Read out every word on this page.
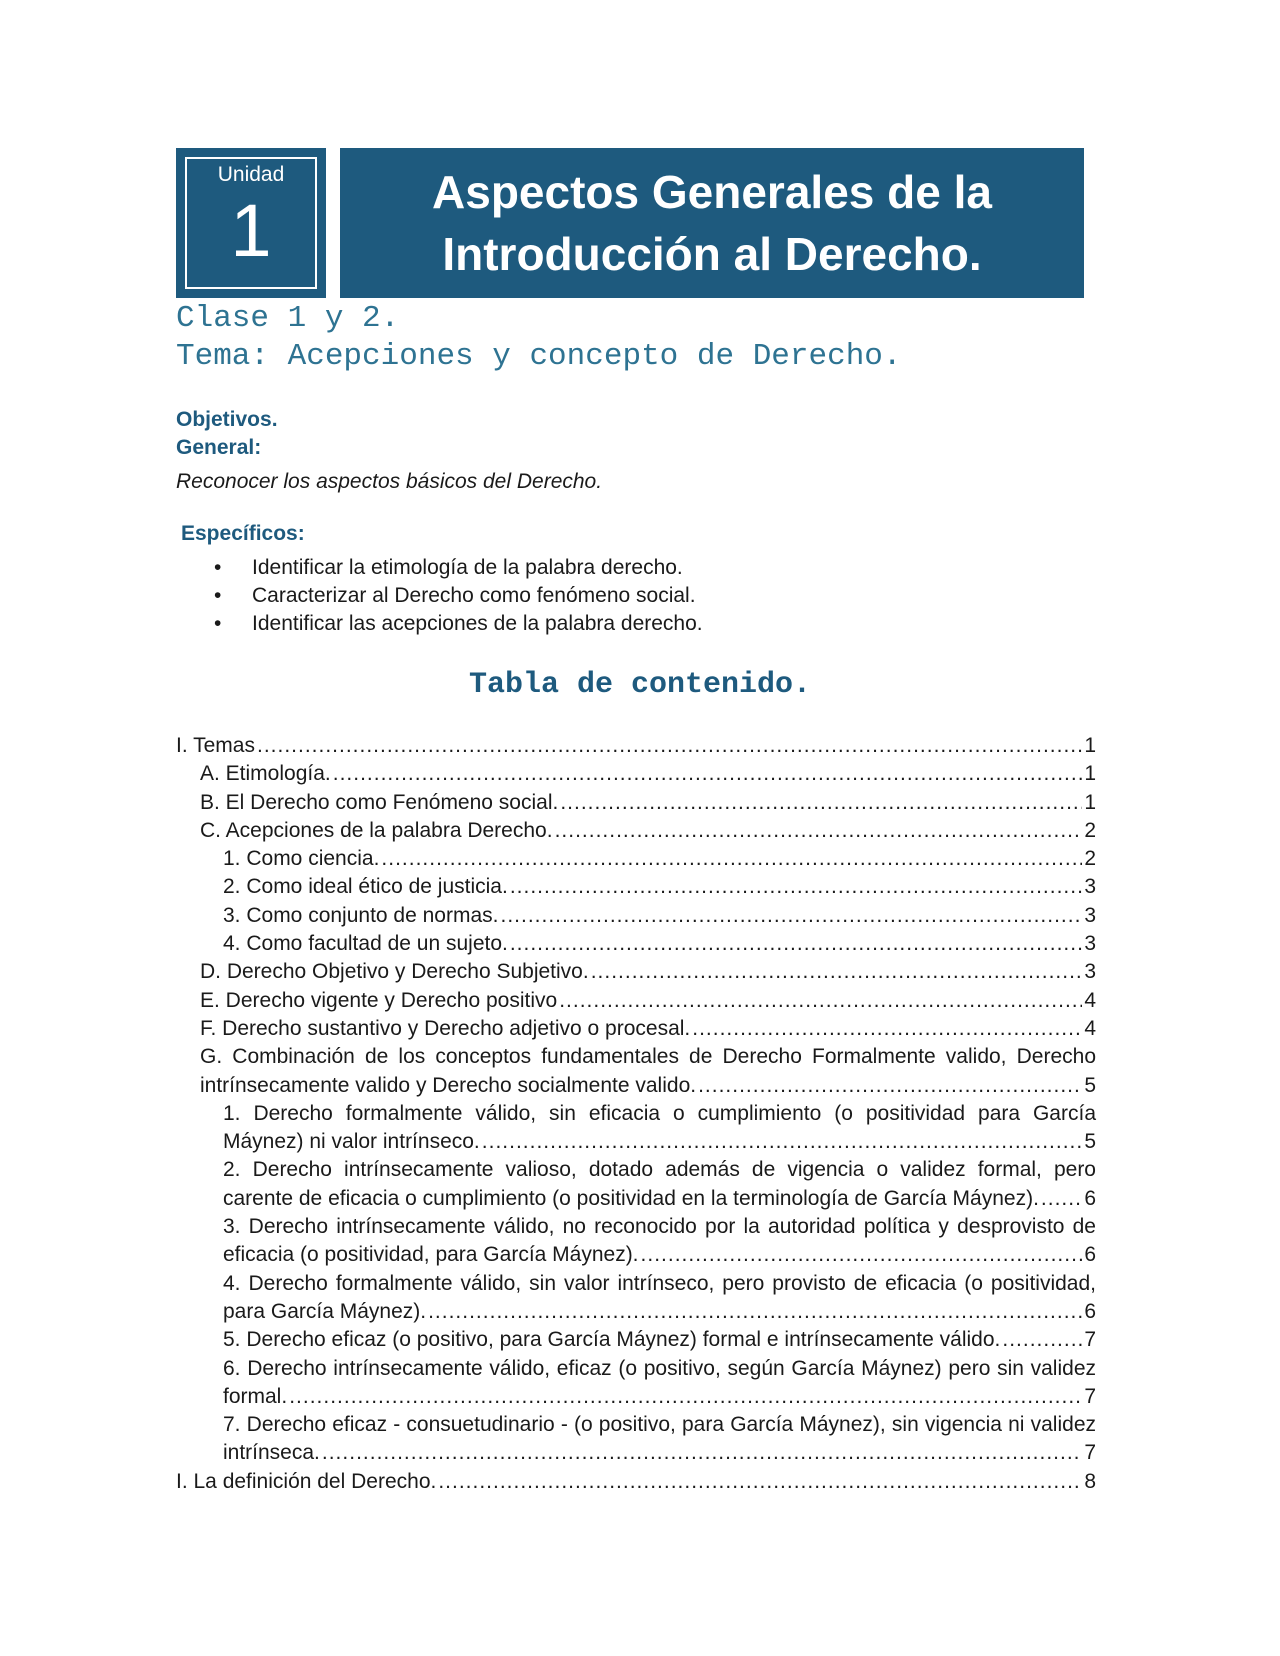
Unidad
1	Aspectos Generales de la
Introducción al Derecho.
Clase 1 y 2.
Tema: Acepciones y concepto de Derecho.
Objetivos.
General:
Reconocer los aspectos básicos del Derecho.
Específicos:
• Identificar la etimología de la palabra derecho.
• Caracterizar al Derecho como fenómeno social.
• Identificar las acepciones de la palabra derecho.
Tabla de contenido.
I. Temas .....	1
A. Etimología. .....	1
B. El Derecho como Fenómeno social. .....	1
C. Acepciones de la palabra Derecho. .....	2
1. Como ciencia. .....	2
2. Como ideal ético de justicia. .....	3
3. Como conjunto de normas. .....	3
4. Como facultad de un sujeto. .....	3
D. Derecho Objetivo y Derecho Subjetivo. .....	3
E. Derecho vigente y Derecho positivo .....	4
F. Derecho sustantivo y Derecho adjetivo o procesal. .....	4
G. Combinación de los conceptos fundamentales de Derecho Formalmente valido, Derecho
intrínsecamente valido y Derecho socialmente valido. .....	5
1. Derecho formalmente válido, sin eficacia o cumplimiento (o positividad para García
Máynez) ni valor intrínseco. .....	5
2. Derecho intrínsecamente valioso, dotado además de vigencia o validez formal, pero
carente de eficacia o cumplimiento (o positividad en la terminología de García Máynez). ..... 6
3. Derecho intrínsecamente válido, no reconocido por la autoridad política y desprovisto de
eficacia (o positividad, para García Máynez). .....	6
4. Derecho formalmente válido, sin valor intrínseco, pero provisto de eficacia (o positividad,
para García Máynez). .....	6
5. Derecho eficaz (o positivo, para García Máynez) formal e intrínsecamente válido. .....	7
6. Derecho intrínsecamente válido, eficaz (o positivo, según García Máynez) pero sin validez
formal. .....	7
7. Derecho eficaz - consuetudinario - (o positivo, para García Máynez), sin vigencia ni validez
intrínseca. .....	7
I. La definición del Derecho. .....	8
